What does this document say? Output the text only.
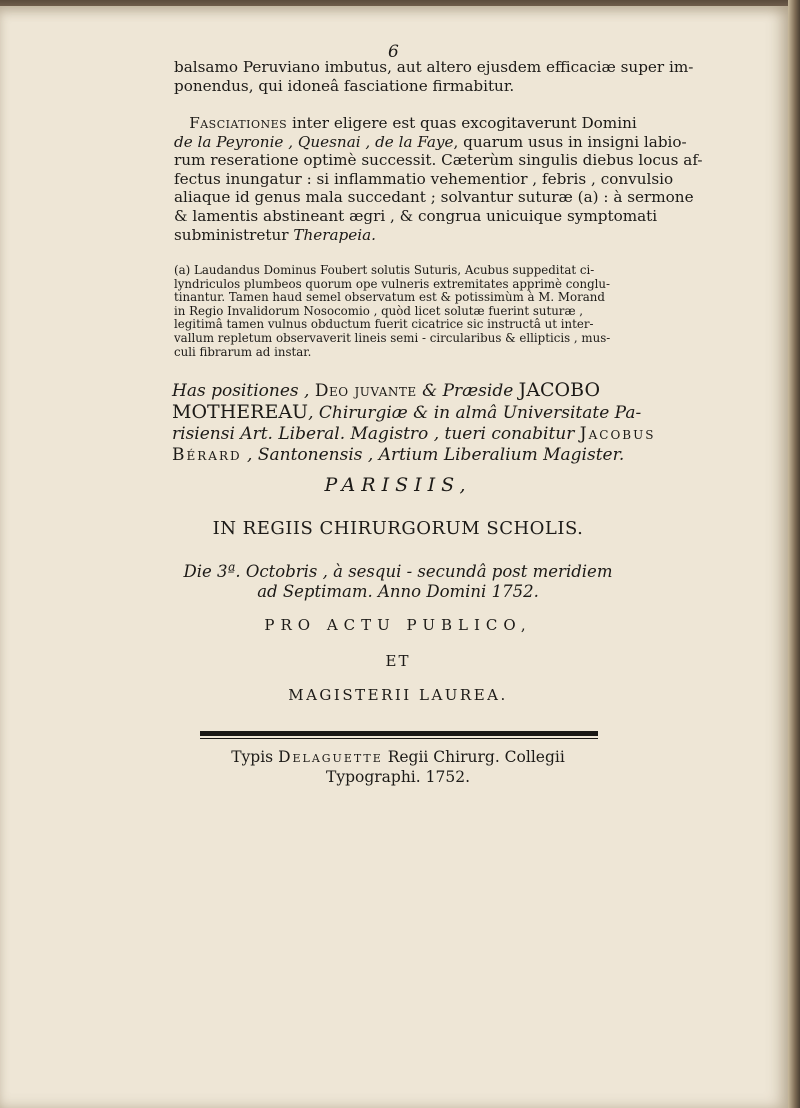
6
balsamo Peruviano imbutus, aut altero ejusdem efficaciæ super im-
ponendus, qui idoneâ fasciatione firmabitur.
 Fasciationes inter eligere est quas excogitaverunt Domini
de la Peyronie , Quesnai , de la Faye, quarum usus in insigni labio-
rum reseratione optimè successit. Cæterùm singulis diebus locus af-
fectus inungatur : si inflammatio vehementior , febris , convulsio
aliaque id genus mala succedant ; solvantur suturæ (a) : à sermone
& lamentis abstineant ægri , & congrua unicuique symptomati
subministretur Therapeia.
(a) Laudandus Dominus Foubert solutis Suturis, Acubus suppeditat ci-
lyndriculos plumbeos quorum ope vulneris extremitates apprimè conglu-
tinantur. Tamen haud semel observatum est & potissimùm à M. Morand
in Regio Invalidorum Nosocomio , quòd licet solutæ fuerint suturæ ,
legitimâ tamen vulnus obductum fuerit cicatrice sic instructâ ut inter-
vallum repletum observaverit lineis semi - circularibus & ellipticis , mus-
culi fibrarum ad instar.
Has positiones , Deo juvante & Præside JACOBO
MOTHEREAU, Chirurgiæ & in almâ Universitate Pa-
risiensi Art. Liberal. Magistro , tueri conabitur Jacobus
Bérard , Santonensis , Artium Liberalium Magister.
PARISIIS,
IN REGIIS CHIRURGORUM SCHOLIS.
Die 3ª. Octobris , à sesqui - secundâ post meridiem
ad Septimam. Anno Domini 1752.
PRO ACTU PUBLICO,
ET
MAGISTERII LAUREA.
Typis Delaguette Regii Chirurg. Collegii
Typographi. 1752.
